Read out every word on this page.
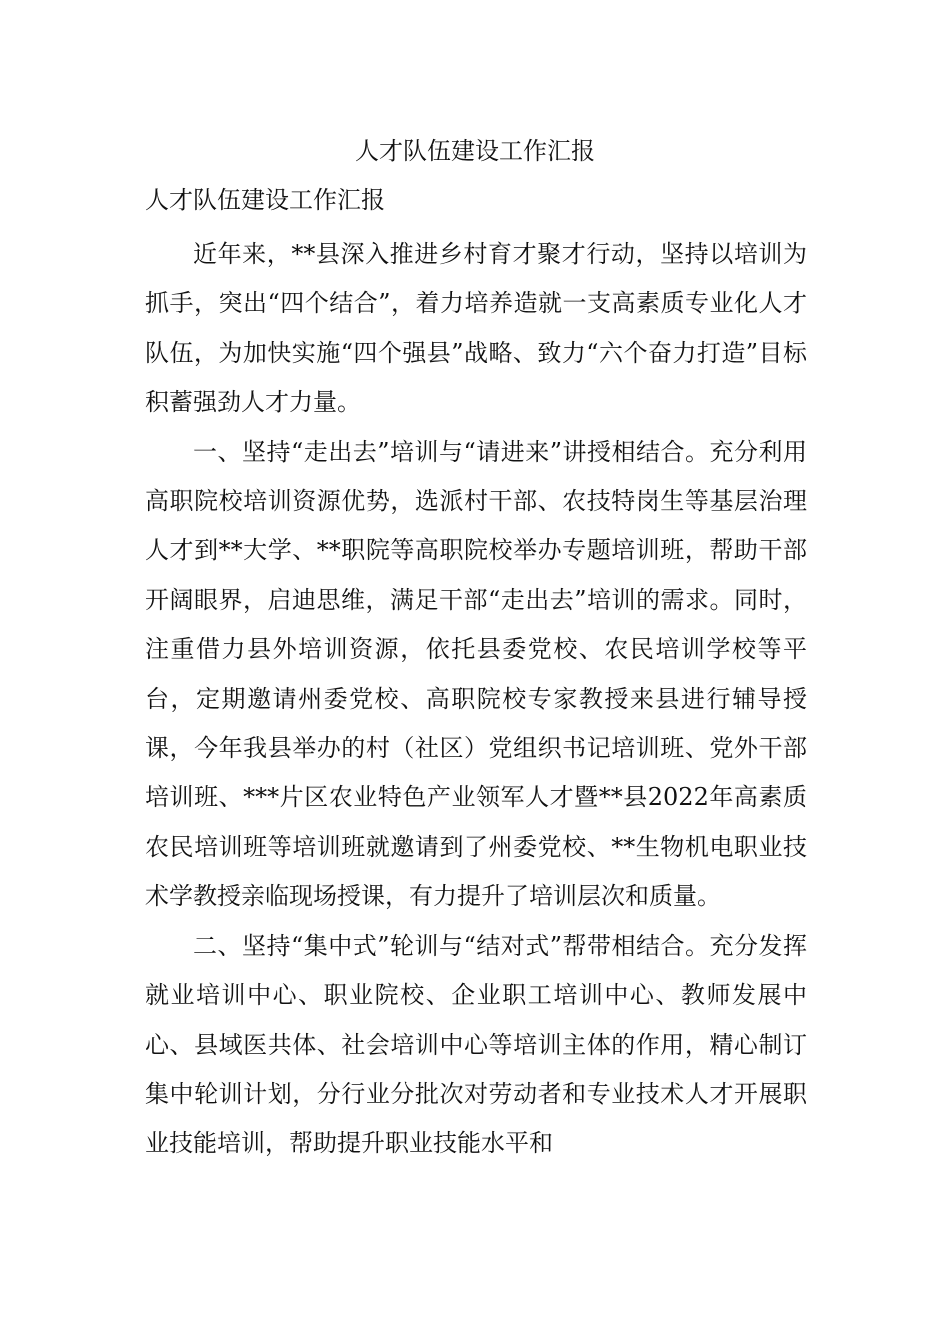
人才队伍建设工作汇报
人才队伍建设工作汇报

近年来，**县深入推进乡村育才聚才行动，坚持以培训为抓手，突出“四个结合”，着力培养造就一支高素质专业化人才队伍，为加快实施“四个强县”战略、致力“六个奋力打造”目标积蓄强劲人才力量。

一、坚持“走出去”培训与“请进来”讲授相结合。充分利用高职院校培训资源优势，选派村干部、农技特岗生等基层治理人才到**大学、**职院等高职院校举办专题培训班，帮助干部开阔眼界，启迪思维，满足干部“走出去”培训的需求。同时，注重借力县外培训资源，依托县委党校、农民培训学校等平台，定期邀请州委党校、高职院校专家教授来县进行辅导授课，今年我县举办的村（社区）党组织书记培训班、党外干部培训班、***片区农业特色产业领军人才暨**县2022年高素质农民培训班等培训班就邀请到了州委党校、**生物机电职业技术学教授亲临现场授课，有力提升了培训层次和质量。

二、坚持“集中式”轮训与“结对式”帮带相结合。充分发挥就业培训中心、职业院校、企业职工培训中心、教师发展中心、县域医共体、社会培训中心等培训主体的作用，精心制订集中轮训计划，分行业分批次对劳动者和专业技术人才开展职业技能培训，帮助提升职业技能水平和
